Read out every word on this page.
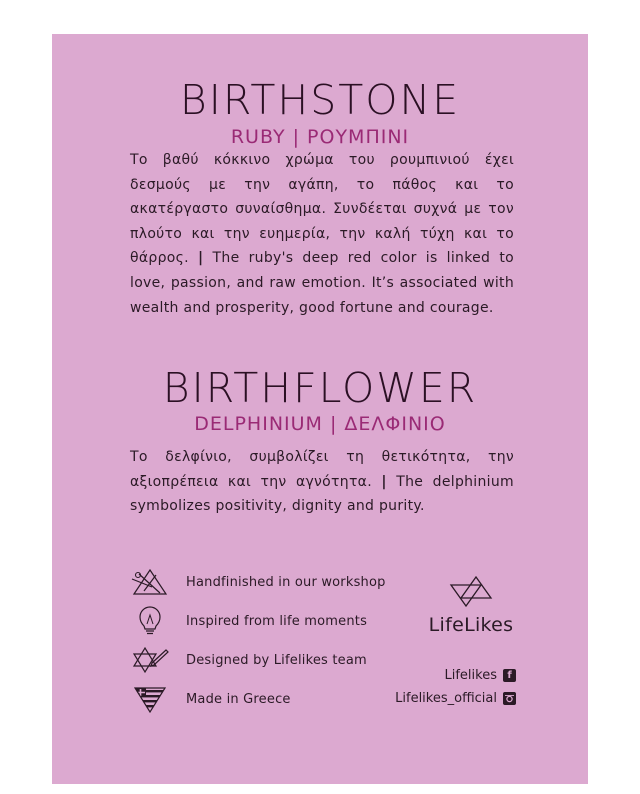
BIRTHSTONE
RUBY | ΡΟΥΜΠΙΝΙ
Το βαθύ κόκκινο χρώμα του ρουμπινιού έχει δεσμούς με την αγάπη, το πάθος και το ακατέργαστο συναίσθημα. Συνδέεται συχνά με τον πλούτο και την ευημερία, την καλή τύχη και το θάρρος. | The ruby's deep red color is linked to love, passion, and raw emotion. It’s associated with wealth and prosperity, good fortune and courage.
BIRTHFLOWER
DELPHINIUM | ΔΕΛΦΙΝΙΟ
Το δελφίνιο, συμβολίζει τη θετικότητα, την αξιοπρέπεια και την αγνότητα. | The delphinium symbolizes positivity, dignity and purity.
Handfinished in our workshop
Inspired from life moments
Designed by Lifelikes team
Made in Greece
LifeLikes
Lifelikes	f
Lifelikes_official
